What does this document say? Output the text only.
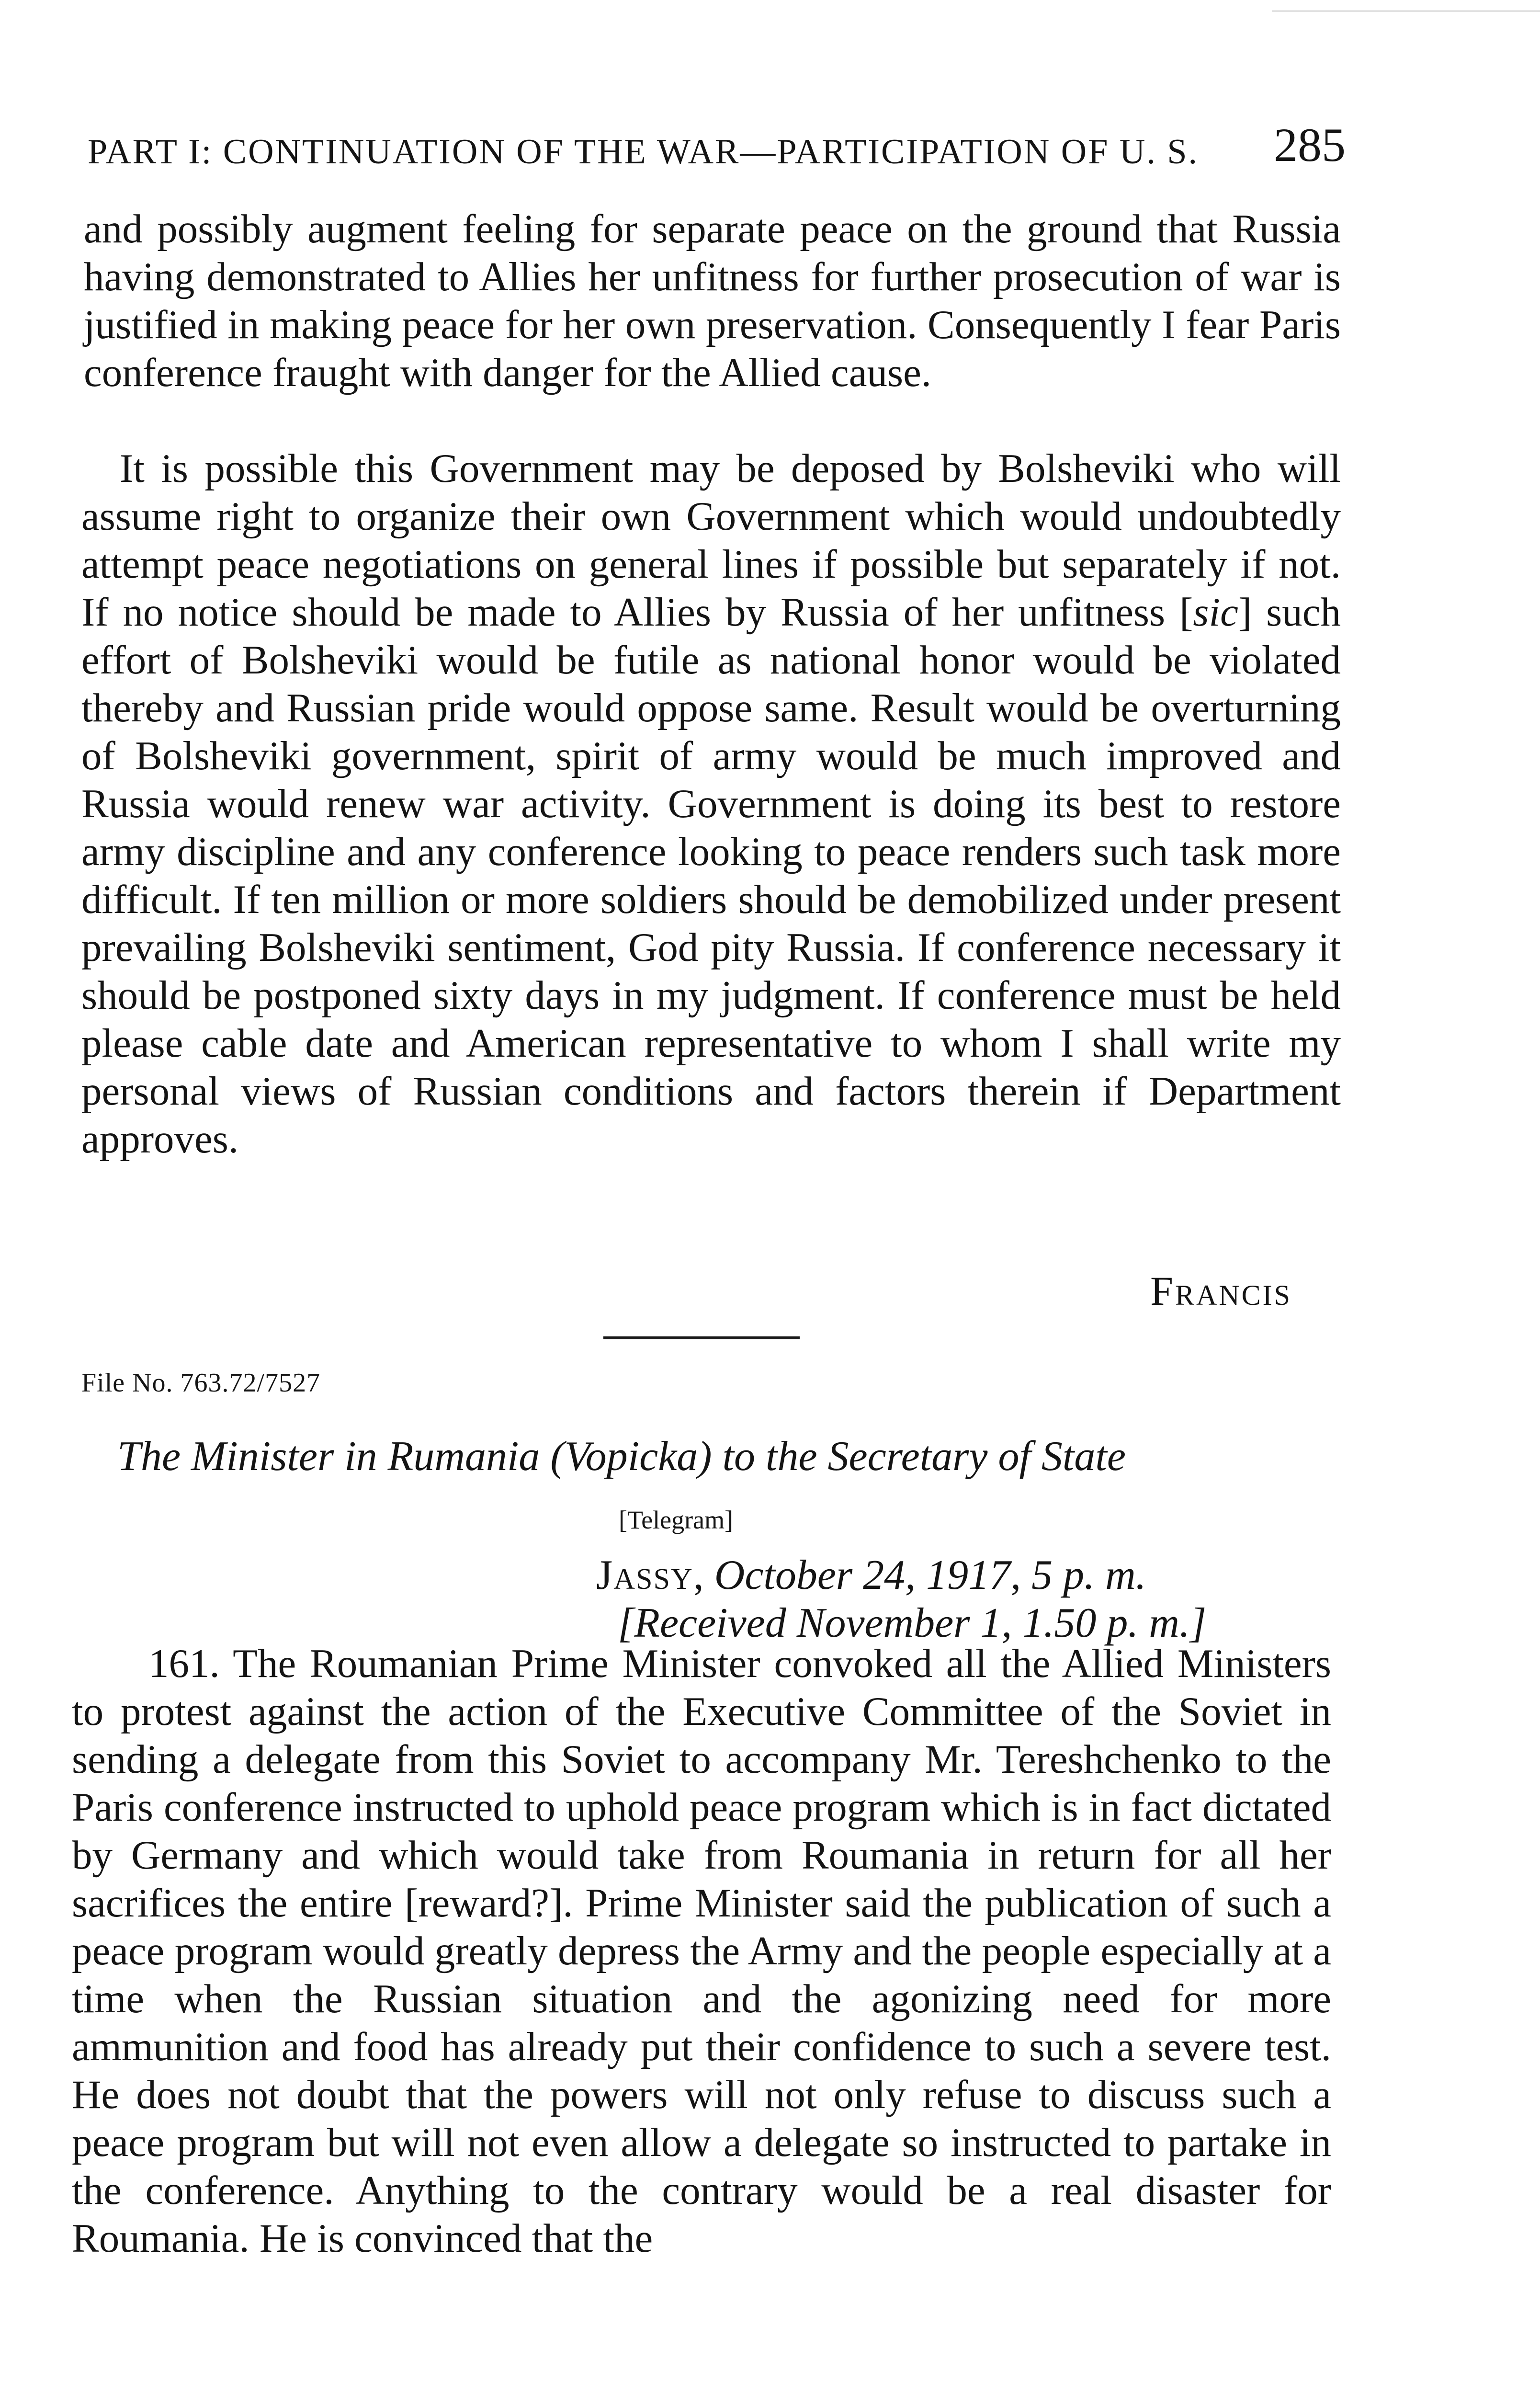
PART I: CONTINUATION OF THE WAR—PARTICIPATION OF U. S. 285

and possibly augment feeling for separate peace on the ground that Russia having demonstrated to Allies her unfitness for further prosecution of war is justified in making peace for her own preservation. Consequently I fear Paris conference fraught with danger for the Allied cause.

It is possible this Government may be deposed by Bolsheviki who will assume right to organize their own Government which would undoubtedly attempt peace negotiations on general lines if possible but separately if not. If no notice should be made to Allies by Russia of her unfitness [sic] such effort of Bolsheviki would be futile as national honor would be violated thereby and Russian pride would oppose same. Result would be overturning of Bolsheviki government, spirit of army would be much improved and Russia would renew war activity. Government is doing its best to restore army discipline and any conference looking to peace renders such task more difficult. If ten million or more soldiers should be demobilized under present prevailing Bolsheviki sentiment, God pity Russia. If conference necessary it should be postponed sixty days in my judgment. If conference must be held please cable date and American representative to whom I shall write my personal views of Russian conditions and factors therein if Department approves.

Francis
File No. 763.72/7527
The Minister in Rumania (Vopicka) to the Secretary of State
[Telegram]
Jassy, October 24, 1917, 5 p. m.
[Received November 1, 1.50 p. m.]

161. The Roumanian Prime Minister convoked all the Allied Ministers to protest against the action of the Executive Committee of the Soviet in sending a delegate from this Soviet to accompany Mr. Tereshchenko to the Paris conference instructed to uphold peace program which is in fact dictated by Germany and which would take from Roumania in return for all her sacrifices the entire [reward?]. Prime Minister said the publication of such a peace program would greatly depress the Army and the people especially at a time when the Russian situation and the agonizing need for more ammunition and food has already put their confidence to such a severe test. He does not doubt that the powers will not only refuse to discuss such a peace program but will not even allow a delegate so instructed to partake in the conference. Anything to the contrary would be a real disaster for Roumania. He is convinced that the
